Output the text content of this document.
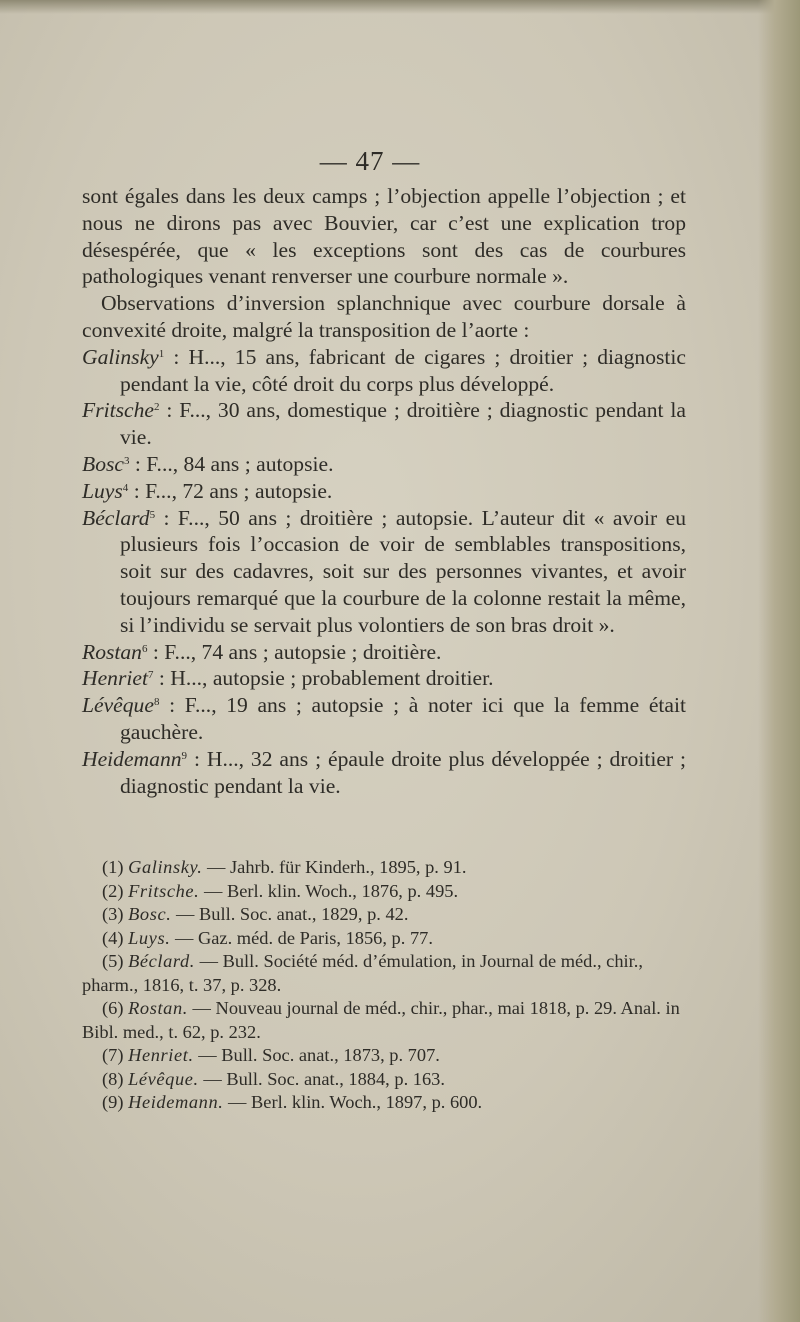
— 47 —

sont égales dans les deux camps ; l’objection appelle l’objection ; et nous ne dirons pas avec Bouvier, car c’est une explication trop désespérée, que « les exceptions sont des cas de courbures pathologiques venant renverser une courbure normale ».

Observations d’inversion splanchnique avec courbure dorsale à convexité droite, malgré la transposition de l’aorte :

Galinsky$^1$ : H..., 15 ans, fabricant de cigares ; droitier ; diagnostic pendant la vie, côté droit du corps plus développé.

Fritsche$^2$ : F..., 30 ans, domestique ; droitière ; diagnostic pendant la vie.

Bosc$^3$ : F..., 84 ans ; autopsie.

Luys$^4$ : F..., 72 ans ; autopsie.

Béclard$^5$ : F..., 50 ans ; droitière ; autopsie. L’auteur dit « avoir eu plusieurs fois l’occasion de voir de semblables transpositions, soit sur des cadavres, soit sur des personnes vivantes, et avoir toujours remarqué que la courbure de la colonne restait la même, si l’individu se servait plus volontiers de son bras droit ».

Rostan$^6$ : F..., 74 ans ; autopsie ; droitière.

Henriet$^7$ : H..., autopsie ; probablement droitier.

Lévêque$^8$ : F..., 19 ans ; autopsie ; à noter ici que la femme était gauchère.

Heidemann$^9$ : H..., 32 ans ; épaule droite plus développée ; droitier ; diagnostic pendant la vie.

(1) Galinsky. — Jahrb. für Kinderh., 1895, p. 91.

(2) Fritsche. — Berl. klin. Woch., 1876, p. 495.

(3) Bosc. — Bull. Soc. anat., 1829, p. 42.

(4) Luys. — Gaz. méd. de Paris, 1856, p. 77.

(5) Béclard. — Bull. Société méd. d’émulation, in Journal de méd., chir., pharm., 1816, t. 37, p. 328.

(6) Rostan. — Nouveau journal de méd., chir., phar., mai 1818, p. 29. Anal. in Bibl. med., t. 62, p. 232.

(7) Henriet. — Bull. Soc. anat., 1873, p. 707.

(8) Lévêque. — Bull. Soc. anat., 1884, p. 163.

(9) Heidemann. — Berl. klin. Woch., 1897, p. 600.
